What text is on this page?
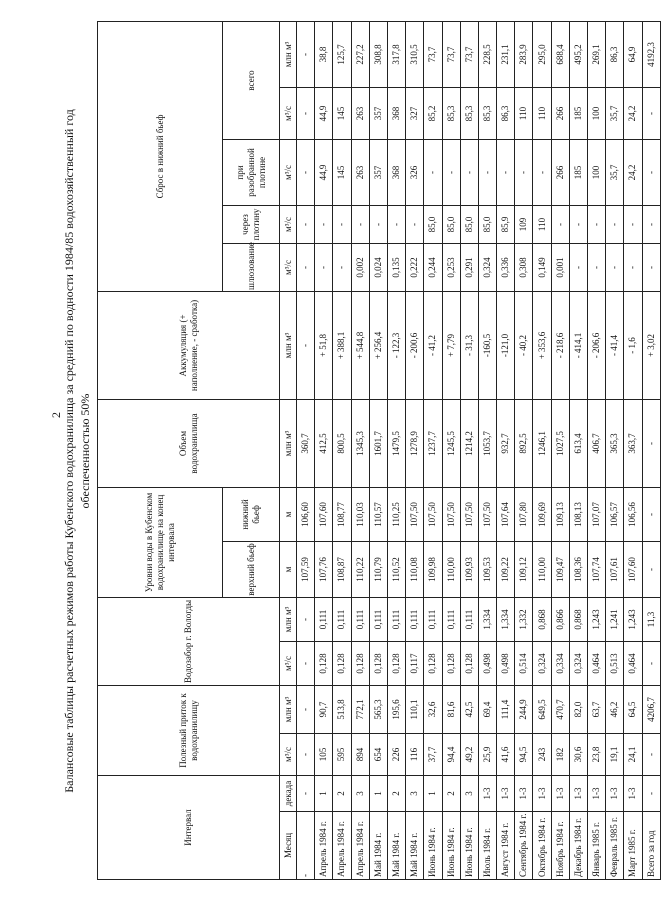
2 Балансовые таблицы расчетных режимов работы Кубенского водохранилища за средний по водности 1984/85 водохозяйственный год обеспеченностью 50%
Интервал		Полезный приток к водохранилищу		Водозабор г. Вологды		Уровни воды в Кубенском водохранилище на конец интервала		Объем водохранилища	Аккумуляция (+ наполнение, - сработка)	Сброс в нижний бьеф				
						верхний бьеф	нижний бьеф			шлюзование	через плотину	при разобранной плотине	всего	
Месяц	декада	м³/с	млн м³	м³/с	млн м³	м	м	млн м³	млн м³	м³/с	м³/с	м³/с	м³/с	млн м³
-	-	-	-	-	-	107,59	106,60	360,7	-	-	-	-	-	-
Апрель 1984 г.	1	105	90,7	0,128	0,111	107,76	107,60	412,5	+ 51,8	-	-	44,9	44,9	38,8
Апрель 1984 г.	2	595	513,8	0,128	0,111	108,87	108,77	800,5	+ 388,1	-	-	145	145	125,7
Апрель 1984 г.	3	894	772,1	0,128	0,111	110,22	110,03	1345,3	+ 544,8	0,002	-	263	263	227,2
Май 1984 г.	1	654	565,3	0,128	0,111	110,79	110,57	1601,7	+ 256,4	0,024	-	357	357	308,8
Май 1984 г.	2	226	195,6	0,128	0,111	110,52	110,25	1479,5	- 122,3	0,135	-	368	368	317,8
Май 1984 г.	3	116	110,1	0,117	0,111	110,08	107,50	1278,9	- 200,6	0,222	-	326	327	310,5
Июнь 1984 г.	1	37,7	32,6	0,128	0,111	109,98	107,50	1237,7	- 41,2	0,244	85,0	-	85,2	73,7
Июнь 1984 г.	2	94,4	81,6	0,128	0,111	110,00	107,50	1245,5	+ 7,79	0,253	85,0	-	85,3	73,7
Июнь 1984 г.	3	49,2	42,5	0,128	0,111	109,93	107,50	1214,2	- 31,3	0,291	85,0	-	85,3	73,7
Июль 1984 г.	1-3	25,9	69,4	0,498	1,334	109,53	107,50	1053,7	-160,5	0,324	85,0	-	85,3	228,5
Август 1984 г.	1-3	41,6	111,4	0,498	1,334	109,22	107,64	932,7	-121,0	0,336	85,9	-	86,3	231,1
Сентябрь 1984 г.	1-3	94,5	244,9	0,514	1,332	109,12	107,80	892,5	- 40,2	0,308	109	-	110	283,9
Октябрь 1984 г.	1-3	243	649,5	0,324	0,868	110,00	109,69	1246,1	+ 353,6	0,149	110	-	110	295,0
Ноябрь 1984 г.	1-3	182	470,7	0,334	0,866	109,47	109,13	1027,5	- 218,6	0,001	-	266	266	688,4
Декабрь 1984 г.	1-3	30,6	82,0	0,324	0,868	108,36	108,13	613,4	- 414,1	-	-	185	185	495,2
Январь 1985 г.	1-3	23,8	63,7	0,464	1,243	107,74	107,07	406,7	- 206,6	-	-	100	100	269,1
Февраль 1985 г.	1-3	19,1	46,2	0,513	1,241	107,61	106,57	365,3	- 41,4	-	-	35,7	35,7	86,3
Март 1985 г.	1-3	24,1	64,5	0,464	1,243	107,60	106,56	363,7	- 1,6	-	-	24,2	24,2	64,9
Всего за год	-	-	4206,7	-	11,3	-	-	-	+ 3,02	-	-	-	-	4192,3
